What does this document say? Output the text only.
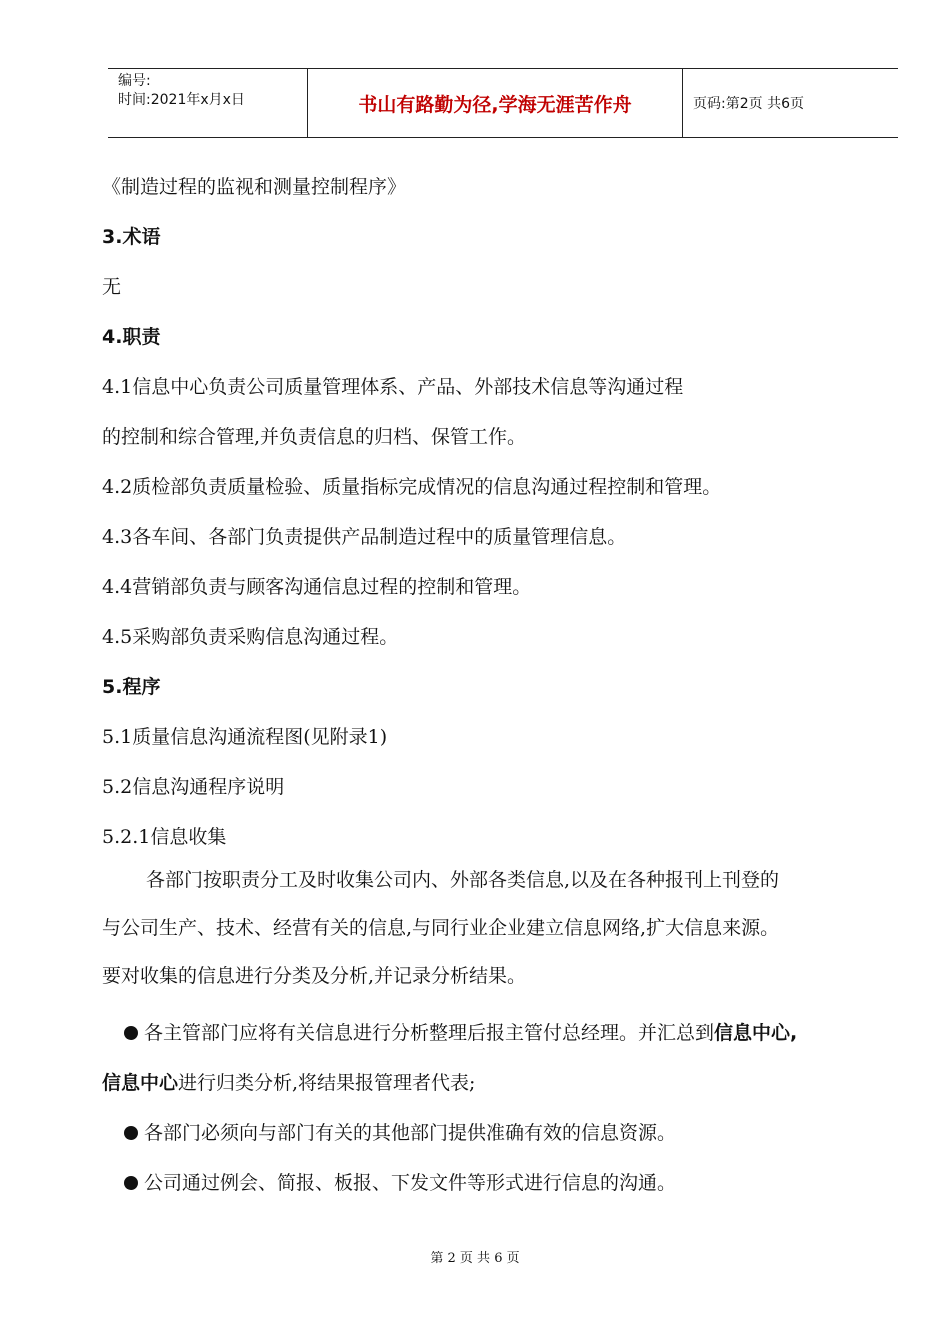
编号:
时间:2021年x月x日	书山有路勤为径,学海无涯苦作舟	页码:第2页 共6页
《制造过程的监视和测量控制程序》
3.术语
无
4.职责
4.1信息中心负责公司质量管理体系、产品、外部技术信息等沟通过程
的控制和综合管理,并负责信息的归档、保管工作。
4.2质检部负责质量检验、质量指标完成情况的信息沟通过程控制和管理。
4.3各车间、各部门负责提供产品制造过程中的质量管理信息。
4.4营销部负责与顾客沟通信息过程的控制和管理。
4.5采购部负责采购信息沟通过程。
5.程序
5.1质量信息沟通流程图(见附录1)
5.2信息沟通程序说明
5.2.1信息收集
各部门按职责分工及时收集公司内、外部各类信息,以及在各种报刊上刊登的
与公司生产、技术、经营有关的信息,与同行业企业建立信息网络,扩大信息来源。
要对收集的信息进行分类及分析,并记录分析结果。
各主管部门应将有关信息进行分析整理后报主管付总经理。并汇总到信息中心,
信息中心进行归类分析,将结果报管理者代表;
各部门必须向与部门有关的其他部门提供准确有效的信息资源。
公司通过例会、简报、板报、下发文件等形式进行信息的沟通。
第 2 页 共 6 页
